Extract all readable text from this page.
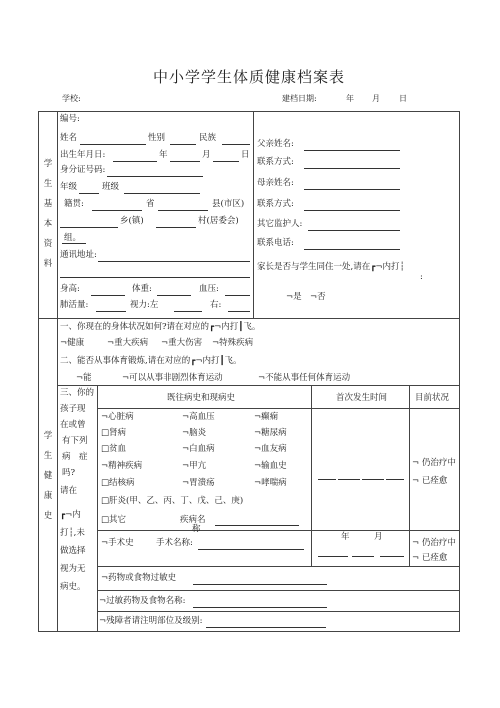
中小学学生体质健康档案表
学校:	建档日期:	年 月 日
学生基本资料
学生健康史
编号:
姓名	性别	民族
出生年月日:	年	月	日
身分证号码:
年级	班级
籍贯:	省	县(市区)
乡(镇)	村(居委会)
组。
通讯地址:
身高:	体重:	血压:
肺活量:	视力:左	右:
父亲姓名:
联系方式:
母亲姓名:
联系方式:
其它监护人:
联系电话:
家长是否与学生同住一处,请在┏¬内打┆
:
¬是 ¬否
一、你现在的身体状况如何?请在对应的┏¬内打┃飞。
¬健康	¬重大疾病 ¬重大伤害 ¬特殊疾病
二、能否从事体育锻炼,请在对应的┏¬内打┃飞。
¬能	¬可以从事非剧烈体育运动	¬不能从事任何体育运动
三、你的
孩子现
在或曾
有下列
病　症
吗?
请在
┏¬内
打┆,未
做选择
视为无
病史。
既往病史和现病史	首次发生时间	目前状况
¬心脏病	¬高血压	¬癫痫
□肾病	¬脑炎	¬糖尿病
□贫血	¬白血病	¬血友病
¬精神疾病	¬甲亢	¬输血史
□结核病	¬胃溃疡	¬哮喘病
□肝炎(甲、乙、丙、丁、戊、己、庚)
□其它	疾病名
称
¬ 仍治疗中
¬ 已痊愈
¬手术史	手术名称:
年	月
¬ 仍治疗中
¬ 已痊愈
¬药物或食物过敏史
¬过敏药物及食物名称:
¬残障者请注明部位及级别:
